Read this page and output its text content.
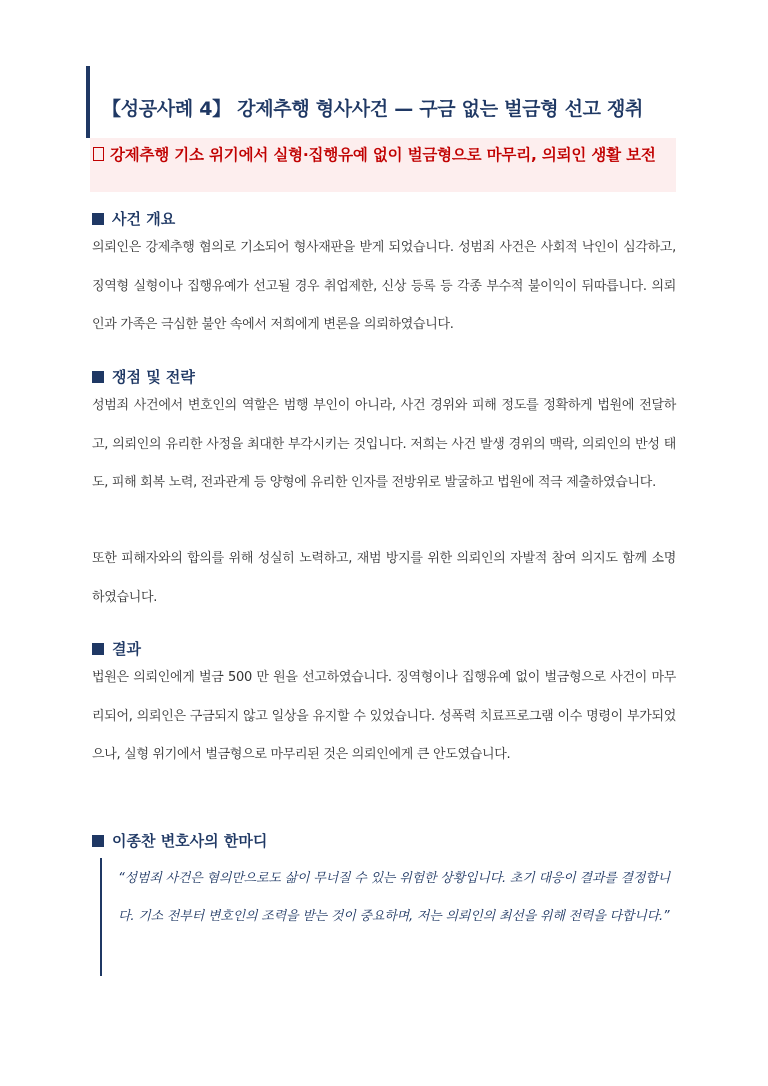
【성공사례 4】 강제추행 형사사건 — 구금 없는 벌금형 선고 쟁취

강제추행 기소 위기에서 실형·집행유예 없이 벌금형으로 마무리, 의뢰인 생활 보전

사건 개요

의뢰인은 강제추행 혐의로 기소되어 형사재판을 받게 되었습니다. 성범죄 사건은 사회적 낙인이 심각하고, 징역형 실형이나 집행유예가 선고될 경우 취업제한, 신상 등록 등 각종 부수적 불이익이 뒤따릅니다. 의뢰인과 가족은 극심한 불안 속에서 저희에게 변론을 의뢰하였습니다.

쟁점 및 전략

성범죄 사건에서 변호인의 역할은 범행 부인이 아니라, 사건 경위와 피해 정도를 정확하게 법원에 전달하고, 의뢰인의 유리한 사정을 최대한 부각시키는 것입니다. 저희는 사건 발생 경위의 맥락, 의뢰인의 반성 태도, 피해 회복 노력, 전과관계 등 양형에 유리한 인자를 전방위로 발굴하고 법원에 적극 제출하였습니다.

또한 피해자와의 합의를 위해 성실히 노력하고, 재범 방지를 위한 의뢰인의 자발적 참여 의지도 함께 소명하였습니다.

결과

법원은 의뢰인에게 벌금 500 만 원을 선고하였습니다. 징역형이나 집행유예 없이 벌금형으로 사건이 마무리되어, 의뢰인은 구금되지 않고 일상을 유지할 수 있었습니다. 성폭력 치료프로그램 이수 명령이 부가되었으나, 실형 위기에서 벌금형으로 마무리된 것은 의뢰인에게 큰 안도였습니다.

이종찬 변호사의 한마디

“성범죄 사건은 혐의만으로도 삶이 무너질 수 있는 위험한 상황입니다. 초기 대응이 결과를 결정합니다. 기소 전부터 변호인의 조력을 받는 것이 중요하며, 저는 의뢰인의 최선을 위해 전력을 다합니다.”
